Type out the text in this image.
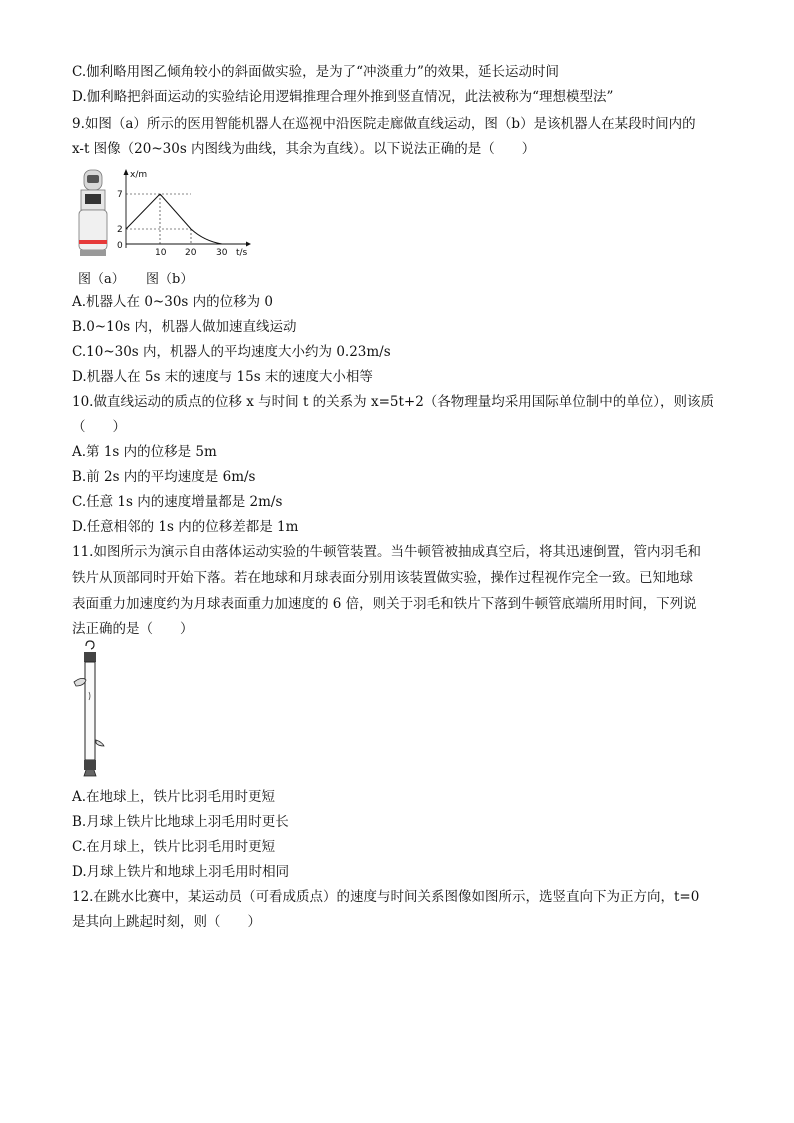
C.伽利略用图乙倾角较小的斜面做实验，是为了“冲淡重力”的效果，延长运动时间
D.伽利略把斜面运动的实验结论用逻辑推理合理外推到竖直情况，此法被称为“理想模型法”
9.如图（a）所示的医用智能机器人在巡视中沿医院走廊做直线运动，图（b）是该机器人在某段时间内的
x-t 图像（20~30s 内图线为曲线，其余为直线）。以下说法正确的是（　　）
x/m
t/s
7
2
0
10 20 30
图（a） 图（b）
A.机器人在 0~30s 内的位移为 0
B.0~10s 内，机器人做加速直线运动
C.10~30s 内，机器人的平均速度大小约为 0.23m/s
D.机器人在 5s 末的速度与 15s 末的速度大小相等
10.做直线运动的质点的位移 x 与时间 t 的关系为 x=5t+2（各物理量均采用国际单位制中的单位），则该质
（　　）
A.第 1s 内的位移是 5m
B.前 2s 内的平均速度是 6m/s
C.任意 1s 内的速度增量都是 2m/s
D.任意相邻的 1s 内的位移差都是 1m
11.如图所示为演示自由落体运动实验的牛顿管装置。当牛顿管被抽成真空后，将其迅速倒置，管内羽毛和
铁片从顶部同时开始下落。若在地球和月球表面分别用该装置做实验，操作过程视作完全一致。已知地球
表面重力加速度约为月球表面重力加速度的 6 倍，则关于羽毛和铁片下落到牛顿管底端所用时间，下列说
法正确的是（　　）
A.在地球上，铁片比羽毛用时更短
B.月球上铁片比地球上羽毛用时更长
C.在月球上，铁片比羽毛用时更短
D.月球上铁片和地球上羽毛用时相同
12.在跳水比赛中，某运动员（可看成质点）的速度与时间关系图像如图所示，选竖直向下为正方向，t=0
是其向上跳起时刻，则（　　）
